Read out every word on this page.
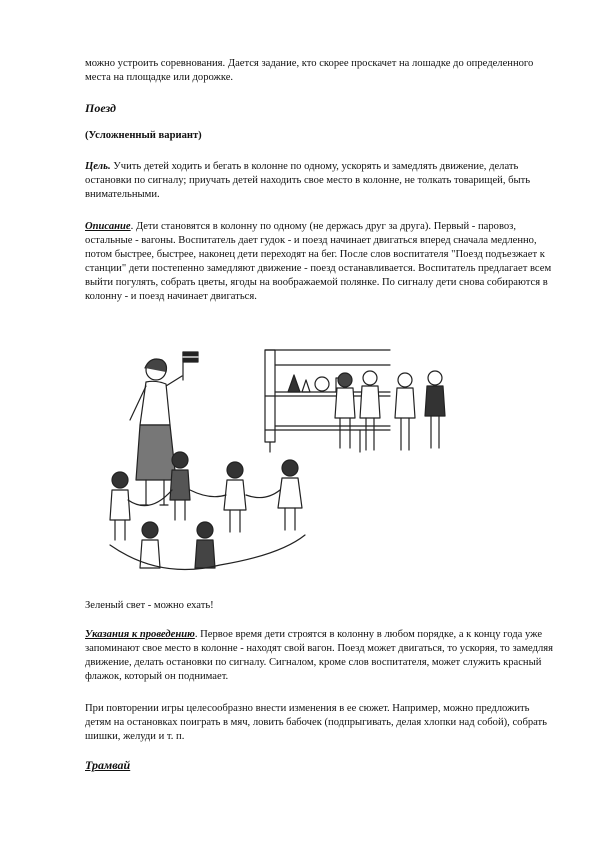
можно устроить соревнования. Дается задание, кто скорее проскачет на лошадке до определенного места на площадке или дорожке.

Поезд

(Усложненный вариант)

Цель. Учить детей ходить и бегать в колонне по одному, ускорять и замедлять движение, делать остановки по сигналу; приучать детей находить свое место в колонне, не толкать товарищей, быть внимательными.

Описание. Дети становятся в колонну по одному (не держась друг за друга). Первый - паровоз, остальные - вагоны. Воспитатель дает гудок - и поезд начинает двигаться вперед сначала медленно, потом быстрее, быстрее, наконец дети переходят на бег. После слов воспитателя "Поезд подъезжает к станции" дети постепенно замедляют движение - поезд останавливается. Воспитатель предлагает всем выйти погулять, собрать цветы, ягоды на воображаемой полянке. По сигналу дети снова собираются в колонну - и поезд начинает двигаться.

Зеленый свет - можно ехать!

Указания к проведению. Первое время дети строятся в колонну в любом порядке, а к концу года уже запоминают свое место в колонне - находят свой вагон. Поезд может двигаться, то ускоряя, то замедляя движение, делать остановки по сигналу. Сигналом, кроме слов воспитателя, может служить красный флажок, который он поднимает.

При повторении игры целесообразно внести изменения в ее сюжет. Например, можно предложить детям на остановках поиграть в мяч, ловить бабочек (подпрыгивать, делая хлопки над собой), собрать шишки, желуди и т. п.

Трамвай
